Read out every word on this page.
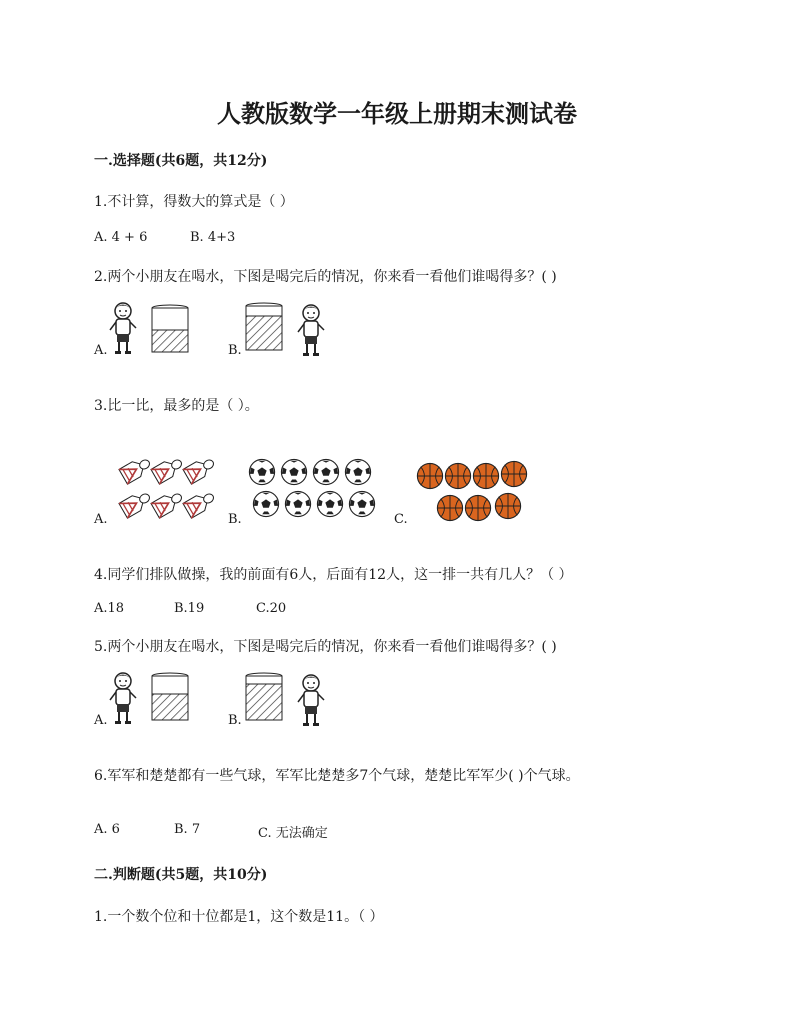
人教版数学一年级上册期末测试卷
一.选择题(共6题，共12分)
1.不计算，得数大的算式是（ ）
A. 4 + 6	B. 4+3
2.两个小朋友在喝水，下图是喝完后的情况，你来看一看他们谁喝得多？( )
A.	B.
3.比一比，最多的是（ ）。
A.	B.	C.
4.同学们排队做操，我的前面有6人，后面有12人，这一排一共有几人？（ ）
A.18	B.19	C.20
5.两个小朋友在喝水，下图是喝完后的情况，你来看一看他们谁喝得多？( )
A.	B.
6.军军和楚楚都有一些气球，军军比楚楚多7个气球，楚楚比军军少( )个气球。
A. 6	B. 7	C. 无法确定
二.判断题(共5题，共10分)
1.一个数个位和十位都是1，这个数是11。（ ）
